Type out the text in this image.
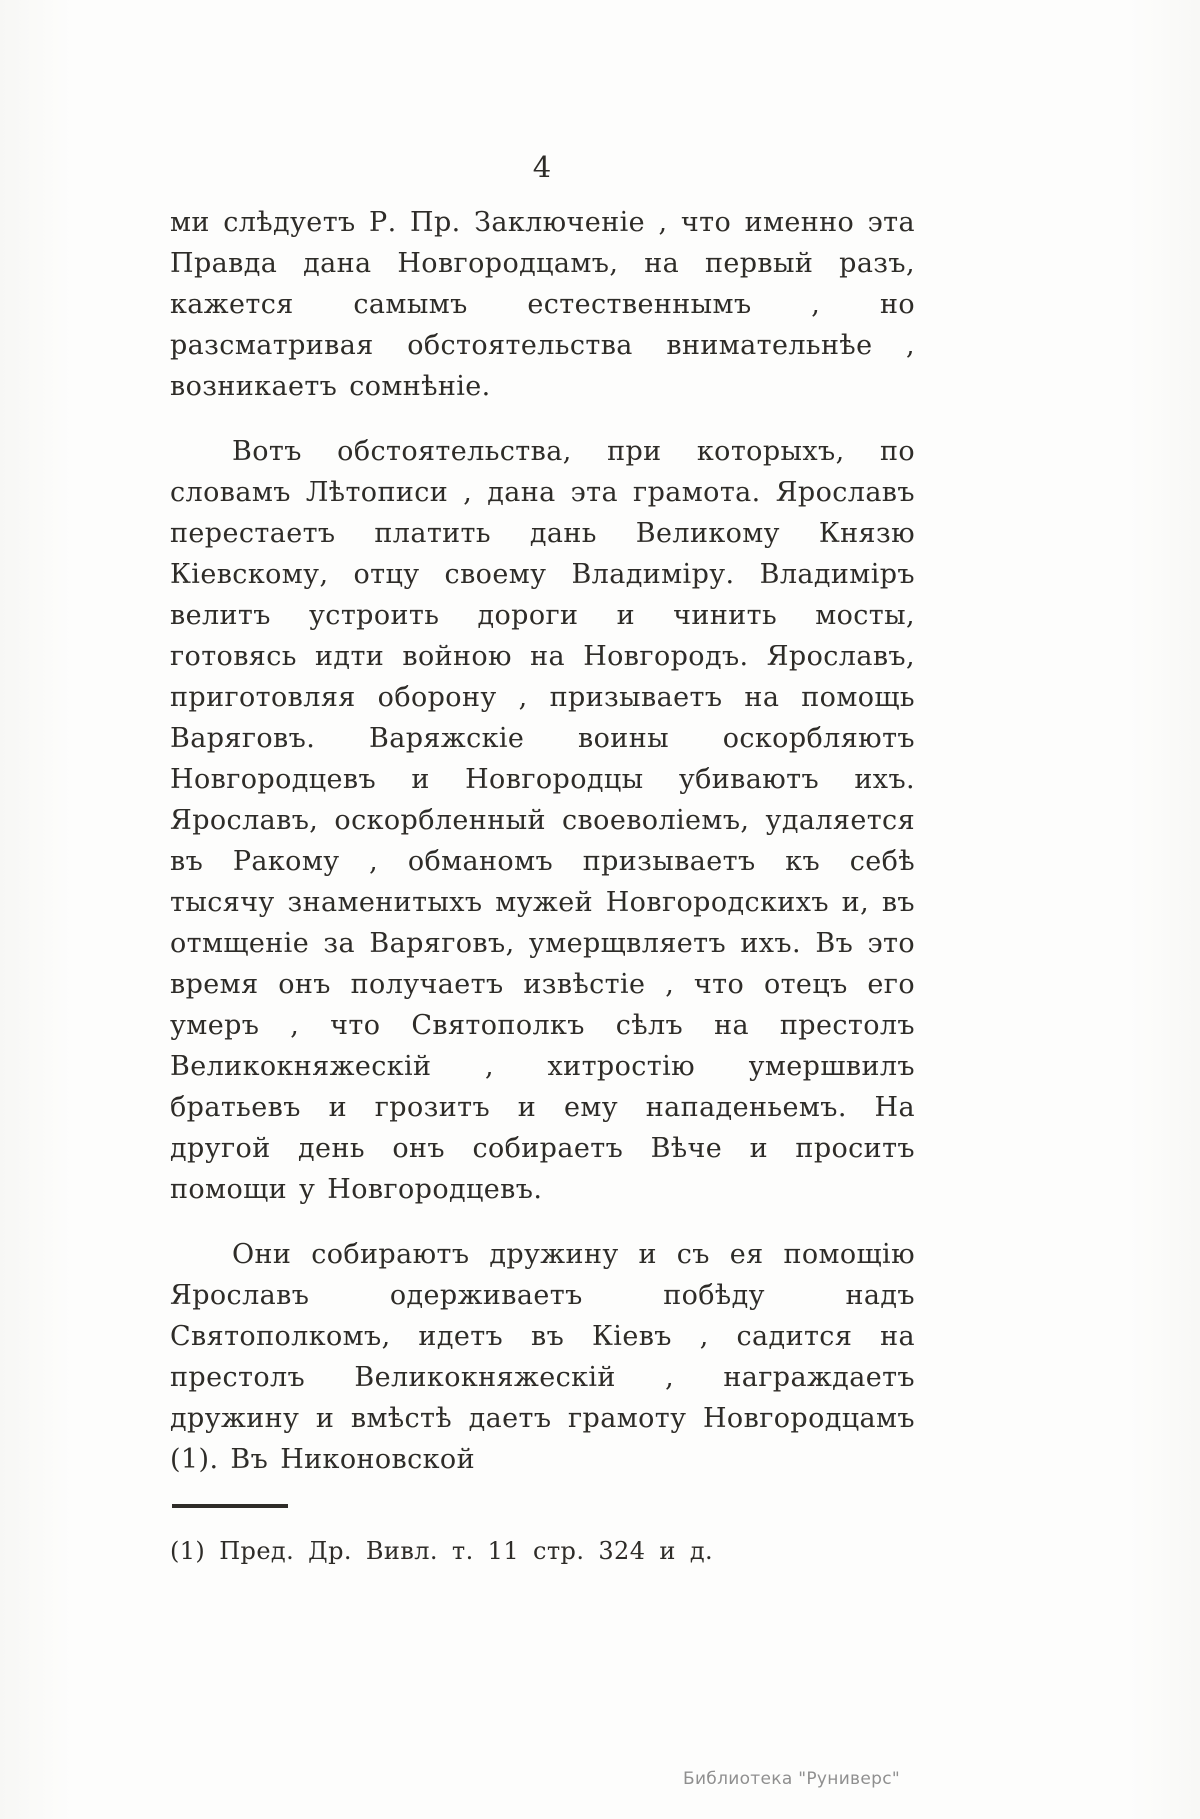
4

ми слѣдуетъ Р. Пр. Заключеніе , что именно эта Правда дана Новгородцамъ, на первый разъ, кажется самымъ естественнымъ , но разсматривая обстоятельства внимательнѣе , возникаетъ сомнѣніе.

Вотъ обстоятельства, при которыхъ, по словамъ Лѣтописи , дана эта грамота. Ярославъ перестаетъ платить дань Великому Князю Кіевскому, отцу своему Владиміру. Владиміръ велитъ устроить дороги и чинить мосты, готовясь идти войною на Новгородъ. Ярославъ, приготовляя оборону , призываетъ на помощь Варяговъ. Варяжскіе воины оскорбляютъ Новгородцевъ и Новгородцы убиваютъ ихъ. Ярославъ, оскорбленный своеволіемъ, удаляется въ Ракому , обманомъ призываетъ къ себѣ тысячу знаменитыхъ мужей Новгородскихъ и, въ отмщеніе за Варяговъ, умерщвляетъ ихъ. Въ это время онъ получаетъ извѣстіе , что отецъ его умеръ , что Святополкъ сѣлъ на престолъ Великокняжескій , хитростію умершвилъ братьевъ и грозитъ и ему нападеньемъ. На другой день онъ собираетъ Вѣче и проситъ помощи у Новгородцевъ.

Они собираютъ дружину и съ ея помощію Ярославъ одерживаетъ побѣду надъ Святополкомъ, идетъ въ Кіевъ , садится на престолъ Великокняжескій , награждаетъ дружину и вмѣстѣ даетъ грамоту Новгородцамъ (1). Въ Никоновской

(1) Пред. Др. Вивл. т. 11 стр. 324 и д.
Библиотека "Руниверс"
